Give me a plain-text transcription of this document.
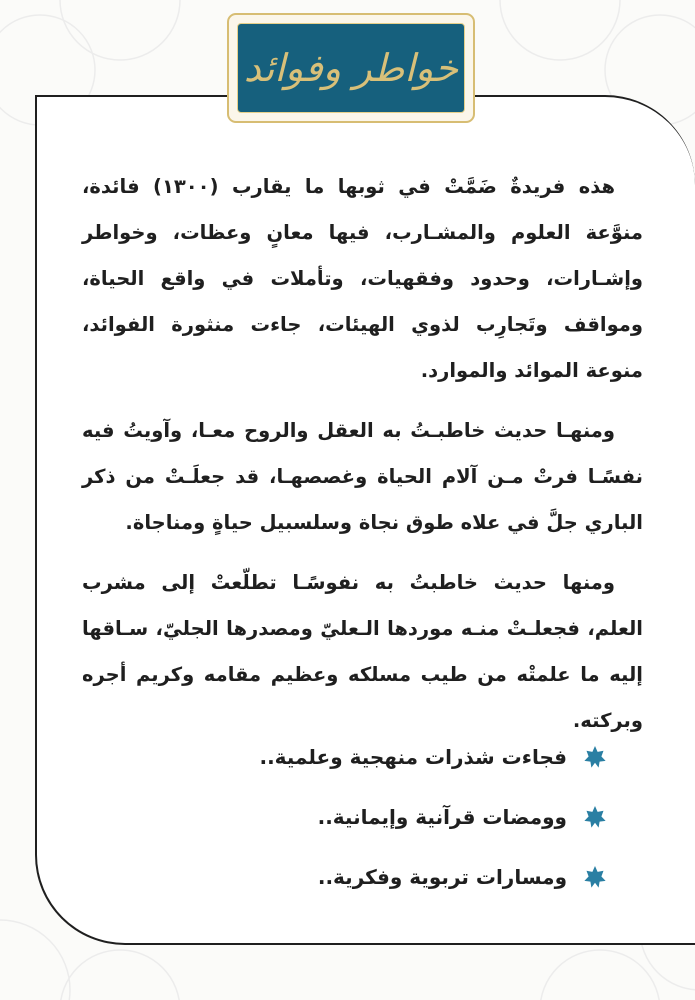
خواطر وفوائد

هذه فريدةٌ ضَمَّتْ في ثوبها ما يقارب (١٣٠٠) فائدة، منوَّعة العلوم والمشـارب، فيها معانٍ وعظات، وخواطر وإشـارات، وحدود وفقهيات، وتأملات في واقع الحياة، ومواقف وتَجارِب لذوي الهيئات، جاءت منثورة الفوائد، منوعة الموائد والموارد.

ومنهـا حديث خاطبـتُ به العقل والروح معـا، وآويتُ فيه نفسًـا فرتْ مـن آلام الحياة وغصصهـا، قد جعلَـتْ من ذكر الباري جلَّ في علاه طوق نجاة وسلسبيل حياةٍ ومناجاة.

ومنها حديث خاطبتُ به نفوسًـا تطلّعتْ إلى مشرب العلم، فجعلـتْ منـه موردها الـعليّ ومصدرها الجليّ، سـاقها إليه ما علمتْه من طيب مسلكه وعظيم مقامه وكريم أجره وبركته.

فجاءت شذرات منهجية وعلمية..
وومضات قرآنية وإيمانية..
ومسارات تربوية وفكرية..
